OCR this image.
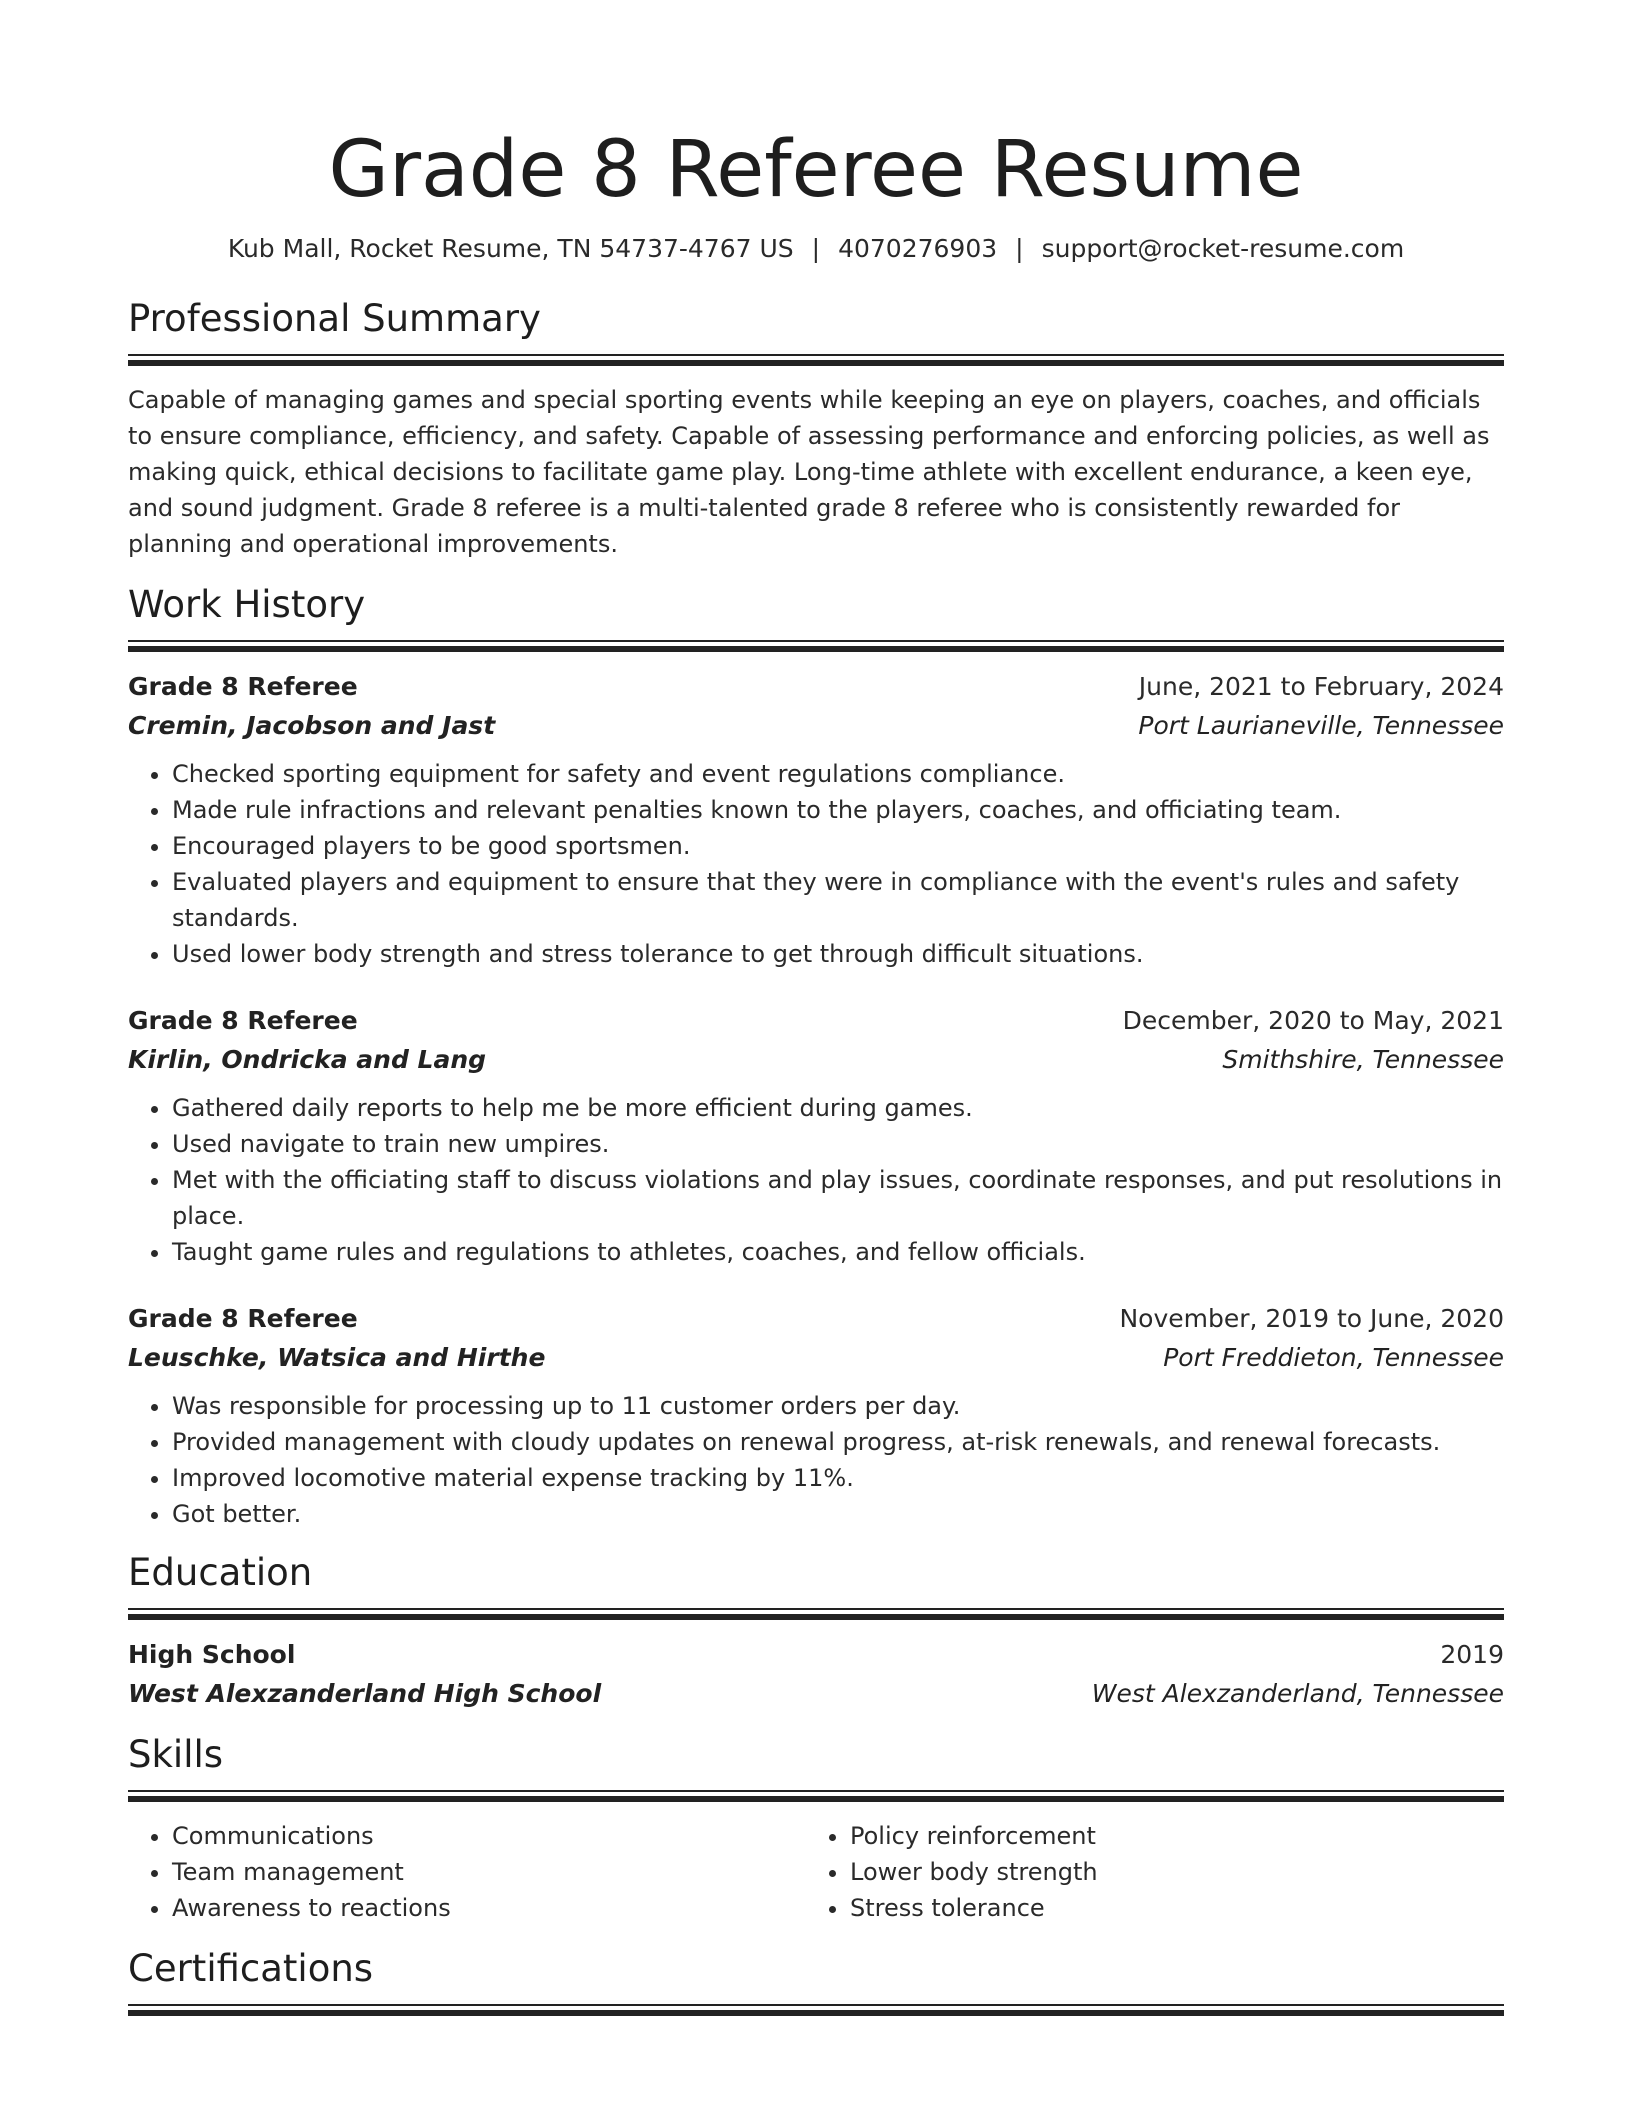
Grade 8 Referee Resume
Kub Mall, Rocket Resume, TN 54737-4767 US | 4070276903 | support@rocket-resume.com
Professional Summary

Capable of managing games and special sporting events while keeping an eye on players, coaches, and officials to ensure compliance, efficiency, and safety. Capable of assessing performance and enforcing policies, as well as making quick, ethical decisions to facilitate game play. Long-time athlete with excellent endurance, a keen eye, and sound judgment. Grade 8 referee is a multi-talented grade 8 referee who is consistently rewarded for planning and operational improvements.

Work History
Grade 8 Referee	June, 2021 to February, 2024
Cremin, Jacobson and Jast	Port Laurianeville, Tennessee
• Checked sporting equipment for safety and event regulations compliance.
• Made rule infractions and relevant penalties known to the players, coaches, and officiating team.
• Encouraged players to be good sportsmen.
• Evaluated players and equipment to ensure that they were in compliance with the event's rules and safety standards.
• Used lower body strength and stress tolerance to get through difficult situations.
Grade 8 Referee	December, 2020 to May, 2021
Kirlin, Ondricka and Lang	Smithshire, Tennessee
• Gathered daily reports to help me be more efficient during games.
• Used navigate to train new umpires.
• Met with the officiating staff to discuss violations and play issues, coordinate responses, and put resolutions in place.
• Taught game rules and regulations to athletes, coaches, and fellow officials.
Grade 8 Referee	November, 2019 to June, 2020
Leuschke, Watsica and Hirthe	Port Freddieton, Tennessee
• Was responsible for processing up to 11 customer orders per day.
• Provided management with cloudy updates on renewal progress, at-risk renewals, and renewal forecasts.
• Improved locomotive material expense tracking by 11%.
• Got better.
Education
High School	2019
West Alexzanderland High School	West Alexzanderland, Tennessee
Skills
• Communications
• Team management
• Awareness to reactions
• Policy reinforcement
• Lower body strength
• Stress tolerance
Certifications
